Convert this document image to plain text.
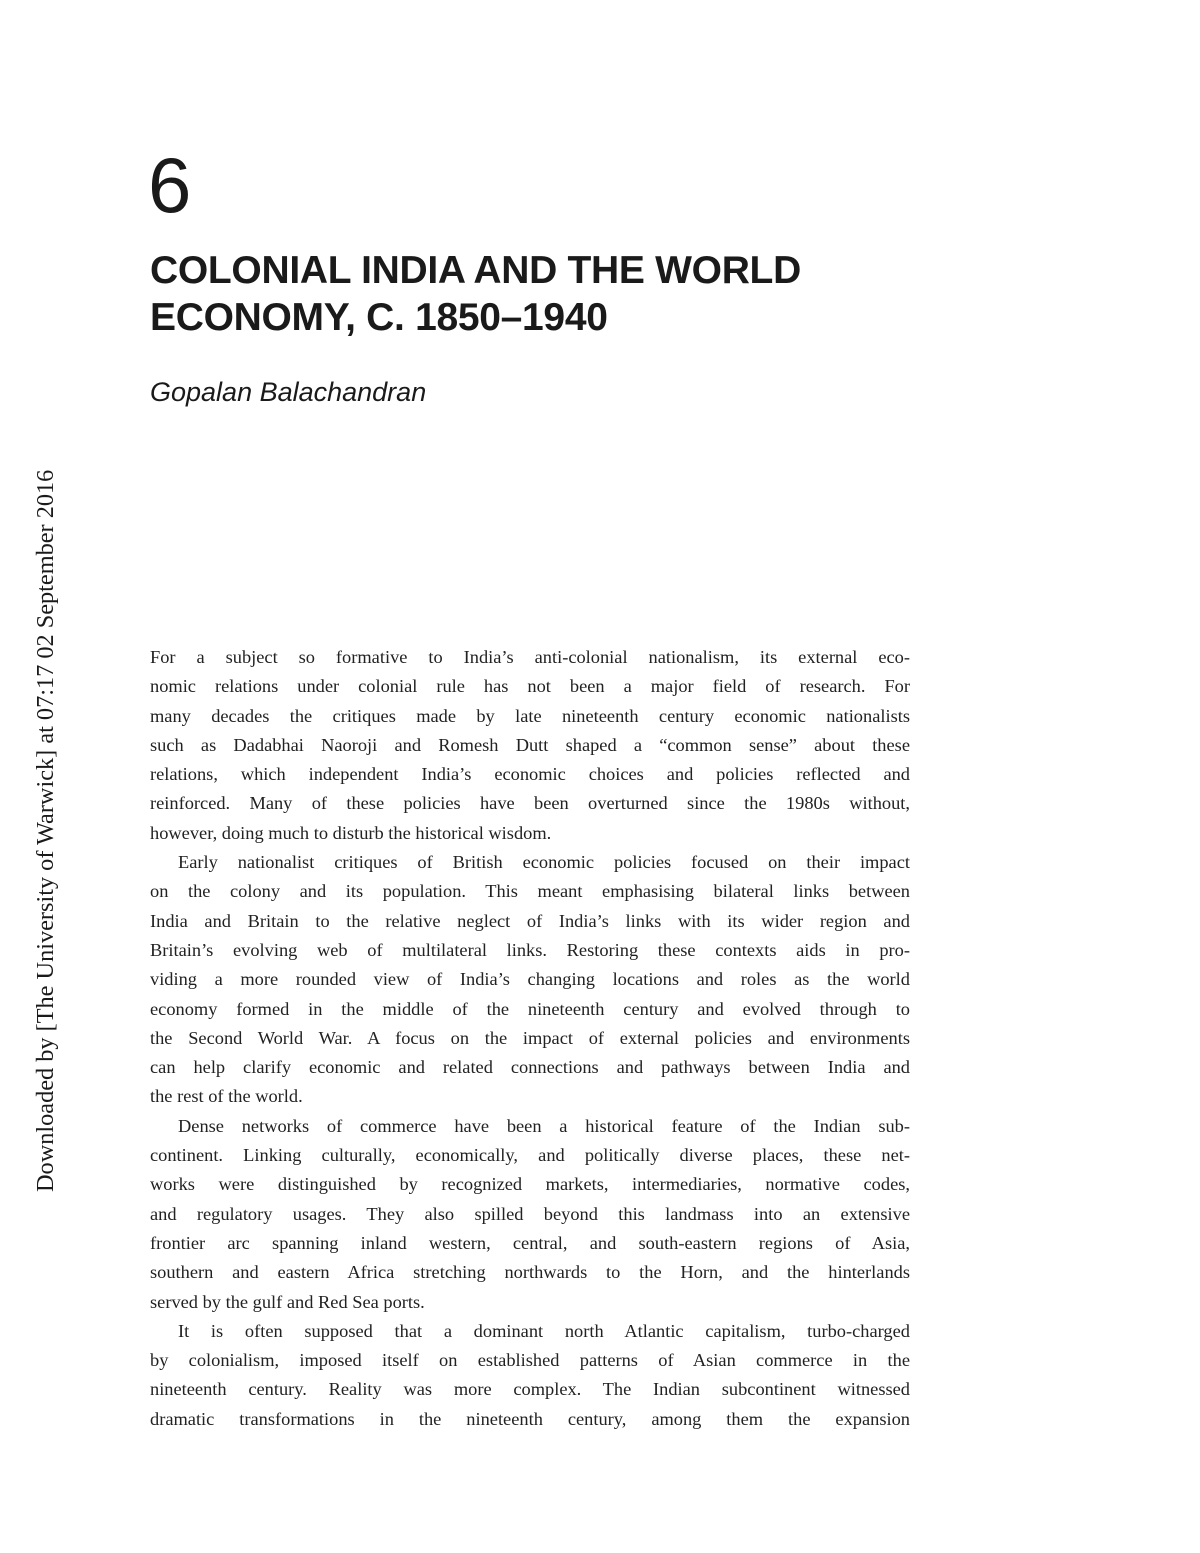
Downloaded by [The University of Warwick] at 07:17 02 September 2016
6
COLONIAL INDIA AND THE WORLD
ECONOMY, C. 1850–1940
Gopalan Balachandran

For a subject so formative to India’s anti-colonial nationalism, its external eco-
nomic relations under colonial rule has not been a major field of research. For
many decades the critiques made by late nineteenth century economic nationalists
such as Dadabhai Naoroji and Romesh Dutt shaped a “common sense” about these
relations, which independent India’s economic choices and policies reflected and
reinforced. Many of these policies have been overturned since the 1980s without,
however, doing much to disturb the historical wisdom.

Early nationalist critiques of British economic policies focused on their impact
on the colony and its population. This meant emphasising bilateral links between
India and Britain to the relative neglect of India’s links with its wider region and
Britain’s evolving web of multilateral links. Restoring these contexts aids in pro-
viding a more rounded view of India’s changing locations and roles as the world
economy formed in the middle of the nineteenth century and evolved through to
the Second World War. A focus on the impact of external policies and environments
can help clarify economic and related connections and pathways between India and
the rest of the world.

Dense networks of commerce have been a historical feature of the Indian sub-
continent. Linking culturally, economically, and politically diverse places, these net-
works were distinguished by recognized markets, intermediaries, normative codes,
and regulatory usages. They also spilled beyond this landmass into an extensive
frontier arc spanning inland western, central, and south-eastern regions of Asia,
southern and eastern Africa stretching northwards to the Horn, and the hinterlands
served by the gulf and Red Sea ports.

It is often supposed that a dominant north Atlantic capitalism, turbo-charged
by colonialism, imposed itself on established patterns of Asian commerce in the
nineteenth century. Reality was more complex. The Indian subcontinent witnessed
dramatic transformations in the nineteenth century, among them the expansion
